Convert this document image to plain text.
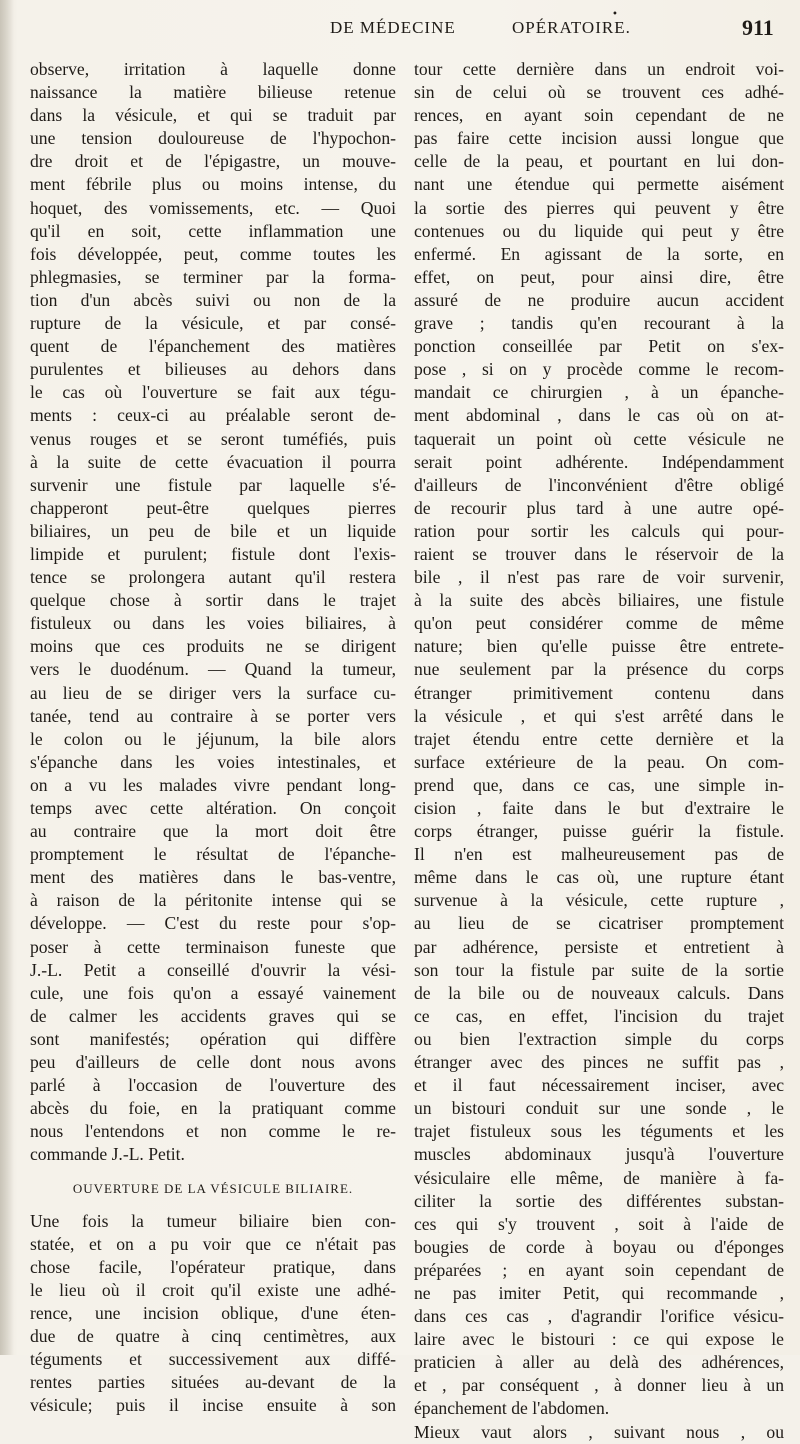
•
DE MÉDECINE	OPÉRATOIRE.	911
observe, irritation à laquelle donne
naissance la matière bilieuse retenue
dans la vésicule, et qui se traduit par
une tension douloureuse de l'hypochon-
dre droit et de l'épigastre, un mouve-
ment fébrile plus ou moins intense, du
hoquet, des vomissements, etc. — Quoi
qu'il en soit, cette inflammation une
fois développée, peut, comme toutes les
phlegmasies, se terminer par la forma-
tion d'un abcès suivi ou non de la
rupture de la vésicule, et par consé-
quent de l'épanchement des matières
purulentes et bilieuses au dehors dans
le cas où l'ouverture se fait aux tégu-
ments : ceux-ci au préalable seront de-
venus rouges et se seront tuméfiés, puis
à la suite de cette évacuation il pourra
survenir une fistule par laquelle s'é-
chapperont peut-être quelques pierres
biliaires, un peu de bile et un liquide
limpide et purulent; fistule dont l'exis-
tence se prolongera autant qu'il restera
quelque chose à sortir dans le trajet
fistuleux ou dans les voies biliaires, à
moins que ces produits ne se dirigent
vers le duodénum. — Quand la tumeur,
au lieu de se diriger vers la surface cu-
tanée, tend au contraire à se porter vers
le colon ou le jéjunum, la bile alors
s'épanche dans les voies intestinales, et
on a vu les malades vivre pendant long-
temps avec cette altération. On conçoit
au contraire que la mort doit être
promptement le résultat de l'épanche-
ment des matières dans le bas-ventre,
à raison de la péritonite intense qui se
développe. — C'est du reste pour s'op-
poser à cette terminaison funeste que
J.-L. Petit a conseillé d'ouvrir la vési-
cule, une fois qu'on a essayé vainement
de calmer les accidents graves qui se
sont manifestés; opération qui diffère
peu d'ailleurs de celle dont nous avons
parlé à l'occasion de l'ouverture des
abcès du foie, en la pratiquant comme
nous l'entendons et non comme le re-
commande J.-L. Petit.
OUVERTURE DE LA VÉSICULE BILIAIRE.
Une fois la tumeur biliaire bien con-
statée, et on a pu voir que ce n'était pas
chose facile, l'opérateur pratique, dans
le lieu où il croit qu'il existe une adhé-
rence, une incision oblique, d'une éten-
due de quatre à cinq centimètres, aux
téguments et successivement aux diffé-
rentes parties situées au-devant de la
vésicule; puis il incise ensuite à son
tour cette dernière dans un endroit voi-
sin de celui où se trouvent ces adhé-
rences, en ayant soin cependant de ne
pas faire cette incision aussi longue que
celle de la peau, et pourtant en lui don-
nant une étendue qui permette aisément
la sortie des pierres qui peuvent y être
contenues ou du liquide qui peut y être
enfermé. En agissant de la sorte, en
effet, on peut, pour ainsi dire, être
assuré de ne produire aucun accident
grave ; tandis qu'en recourant à la
ponction conseillée par Petit on s'ex-
pose , si on y procède comme le recom-
mandait ce chirurgien , à un épanche-
ment abdominal , dans le cas où on at-
taquerait un point où cette vésicule ne
serait point adhérente. Indépendamment
d'ailleurs de l'inconvénient d'être obligé
de recourir plus tard à une autre opé-
ration pour sortir les calculs qui pour-
raient se trouver dans le réservoir de la
bile , il n'est pas rare de voir survenir,
à la suite des abcès biliaires, une fistule
qu'on peut considérer comme de même
nature; bien qu'elle puisse être entrete-
nue seulement par la présence du corps
étranger primitivement contenu dans
la vésicule , et qui s'est arrêté dans le
trajet étendu entre cette dernière et la
surface extérieure de la peau. On com-
prend que, dans ce cas, une simple in-
cision , faite dans le but d'extraire le
corps étranger, puisse guérir la fistule.
Il n'en est malheureusement pas de
même dans le cas où, une rupture étant
survenue à la vésicule, cette rupture ,
au lieu de se cicatriser promptement
par adhérence, persiste et entretient à
son tour la fistule par suite de la sortie
de la bile ou de nouveaux calculs. Dans
ce cas, en effet, l'incision du trajet
ou bien l'extraction simple du corps
étranger avec des pinces ne suffit pas ,
et il faut nécessairement inciser, avec
un bistouri conduit sur une sonde , le
trajet fistuleux sous les téguments et les
muscles abdominaux jusqu'à l'ouverture
vésiculaire elle même, de manière à fa-
ciliter la sortie des différentes substan-
ces qui s'y trouvent , soit à l'aide de
bougies de corde à boyau ou d'éponges
préparées ; en ayant soin cependant de
ne pas imiter Petit, qui recommande ,
dans ces cas , d'agrandir l'orifice vésicu-
laire avec le bistouri : ce qui expose le
praticien à aller au delà des adhérences,
et , par conséquent , à donner lieu à un
épanchement de l'abdomen.
Mieux vaut alors , suivant nous , ou
